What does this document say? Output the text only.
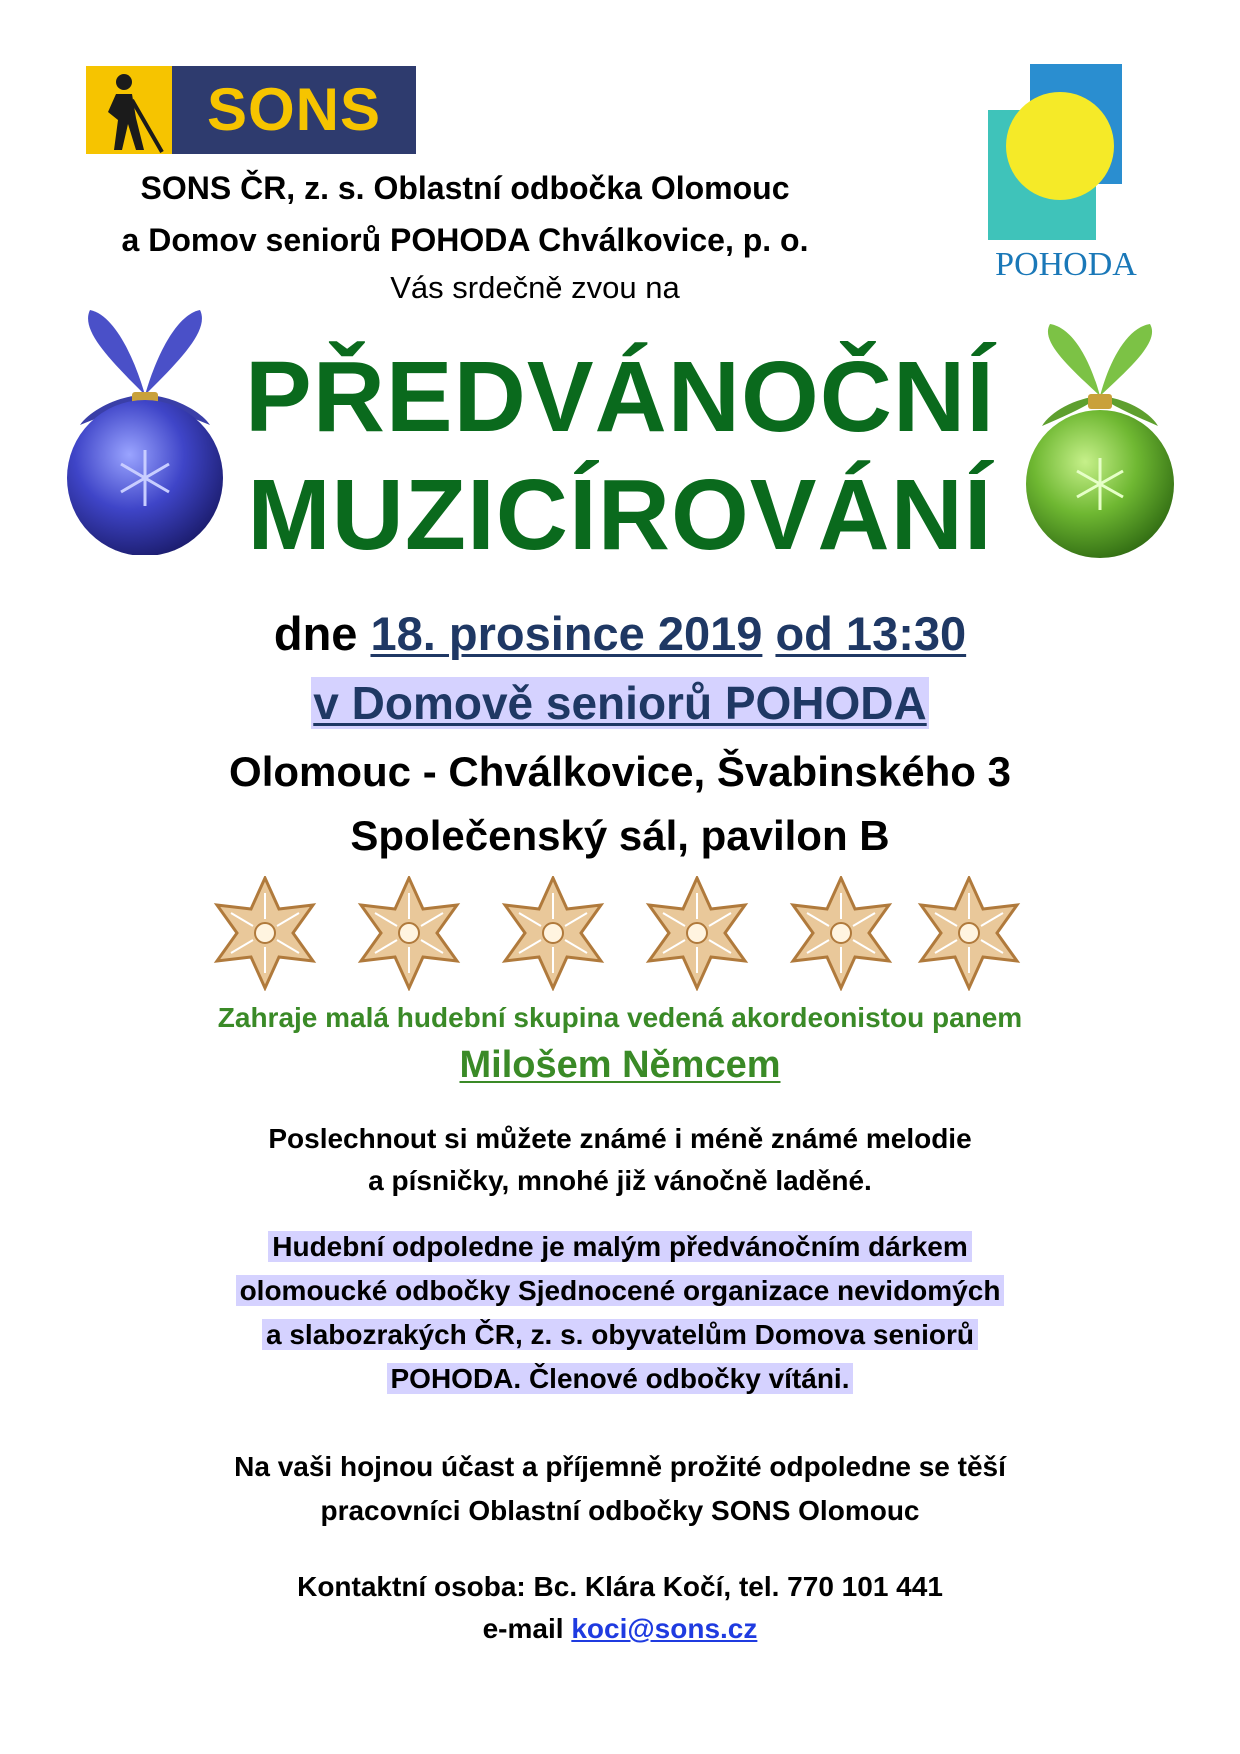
SONS
POHODA
SONS ČR, z. s. Oblastní odbočka Olomouc
a Domov seniorů POHODA Chválkovice, p. o.
Vás srdečně zvou na
PŘEDVÁNOČNÍ
MUZICÍROVÁNÍ
dne 18. prosince 2019 od 13:30
v Domově seniorů POHODA
Olomouc - Chválkovice, Švabinského 3
Společenský sál, pavilon B
Zahraje malá hudební skupina vedená akordeonistou panem
Milošem Němcem
Poslechnout si můžete známé i méně známé melodie
a písničky, mnohé již vánočně laděné.
Hudební odpoledne je malým předvánočním dárkem
olomoucké odbočky Sjednocené organizace nevidomých
a slabozrakých ČR, z. s. obyvatelům Domova seniorů
POHODA. Členové odbočky vítáni.
Na vaši hojnou účast a příjemně prožité odpoledne se těší
pracovníci Oblastní odbočky SONS Olomouc
Kontaktní osoba: Bc. Klára Kočí, tel. 770 101 441
e-mail koci@sons.cz
